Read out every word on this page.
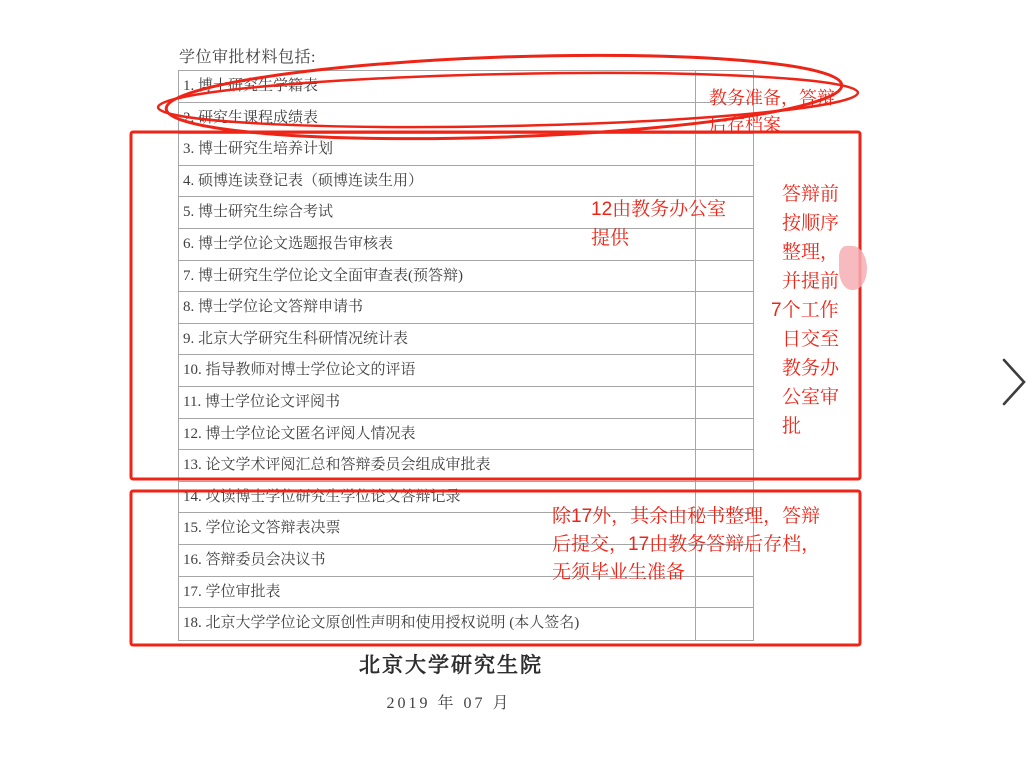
学位审批材料包括:
1. 博士研究生学籍表
2. 研究生课程成绩表
3. 博士研究生培养计划
4. 硕博连读登记表（硕博连读生用）
5. 博士研究生综合考试
6. 博士学位论文选题报告审核表
7. 博士研究生学位论文全面审查表(预答辩)
8. 博士学位论文答辩申请书
9. 北京大学研究生科研情况统计表
10. 指导教师对博士学位论文的评语
11. 博士学位论文评阅书
12. 博士学位论文匿名评阅人情况表
13. 论文学术评阅汇总和答辩委员会组成审批表
14. 攻读博士学位研究生学位论文答辩记录
15. 学位论文答辩表决票
16. 答辩委员会决议书
17. 学位审批表
18. 北京大学学位论文原创性声明和使用授权说明 (本人签名)
教务准备，答辩
后存档案
12由教务办公室
提供
答辩前
按顺序
整理，
并提前
7个工作
日交至
教务办
公室审
批
除17外，其余由秘书整理，答辩
后提交，17由教务答辩后存档，
无须毕业生准备
北京大学研究生院
2019 年 07 月
